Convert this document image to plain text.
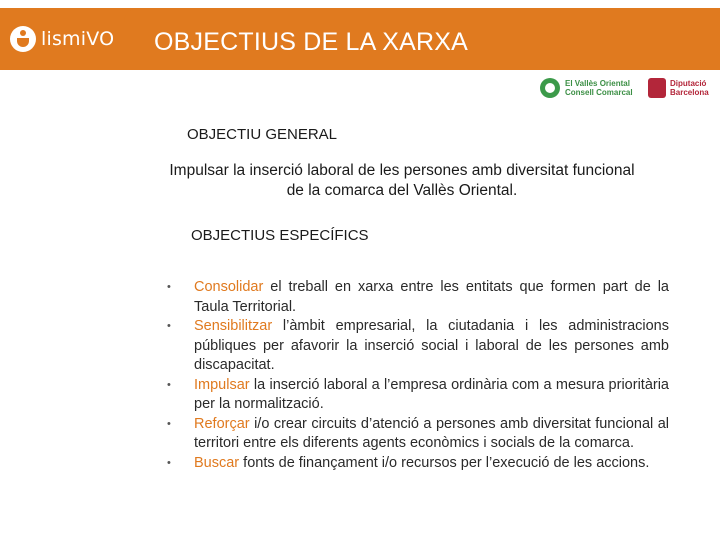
lismiVO OBJECTIUS DE LA XARXA
El Vallès Oriental
Consell Comarcal
Diputació
Barcelona
OBJECTIU GENERAL
Impulsar la inserció laboral de les persones amb diversitat funcional de la comarca del Vallès Oriental.
OBJECTIUS ESPECÍFICS
• Consolidar el treball en xarxa entre les entitats que formen part de la Taula Territorial.
• Sensibilitzar l’àmbit empresarial, la ciutadania i les administracions públiques per afavorir la inserció social i laboral de les persones amb discapacitat.
• Impulsar la inserció laboral a l’empresa ordinària com a mesura prioritària per la normalització.
• Reforçar i/o crear circuits d’atenció a persones amb diversitat funcional al territori entre els diferents agents econòmics i socials de la comarca.
• Buscar fonts de finançament i/o recursos per l’execució de les accions.
